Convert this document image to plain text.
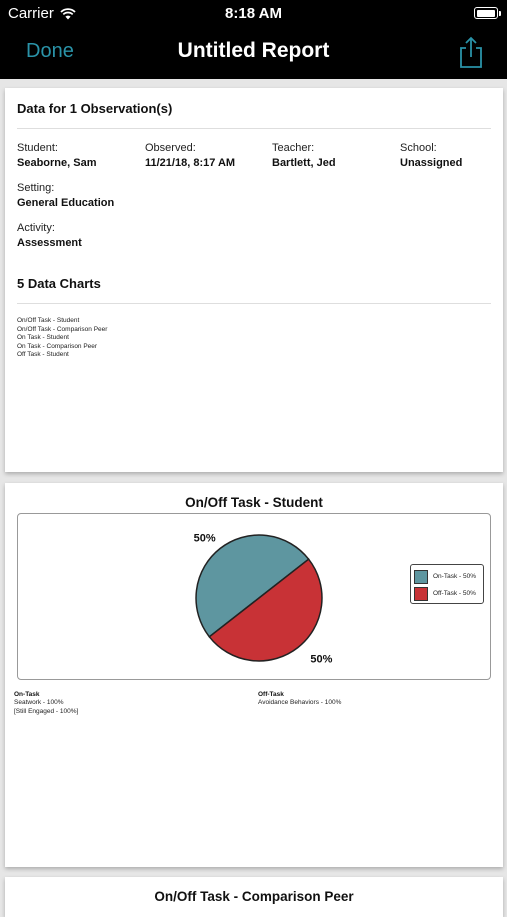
Carrier	8:18 AM
Done	Untitled Report
Data for 1 Observation(s)
Student:
Seaborne, Sam
Observed:
11/21/18, 8:17 AM
Teacher:
Bartlett, Jed
School:
Unassigned
Setting:
General Education
Activity:
Assessment
5 Data Charts
On/Off Task - Student
On/Off Task - Comparison Peer
On Task - Student
On Task - Comparison Peer
Off Task - Student
On/Off Task - Student
50%
50%
On-Task - 50%
Off-Task - 50%
On-Task
Seatwork - 100%
[Still Engaged - 100%]
Off-Task
Avoidance Behaviors - 100%
On/Off Task - Comparison Peer
